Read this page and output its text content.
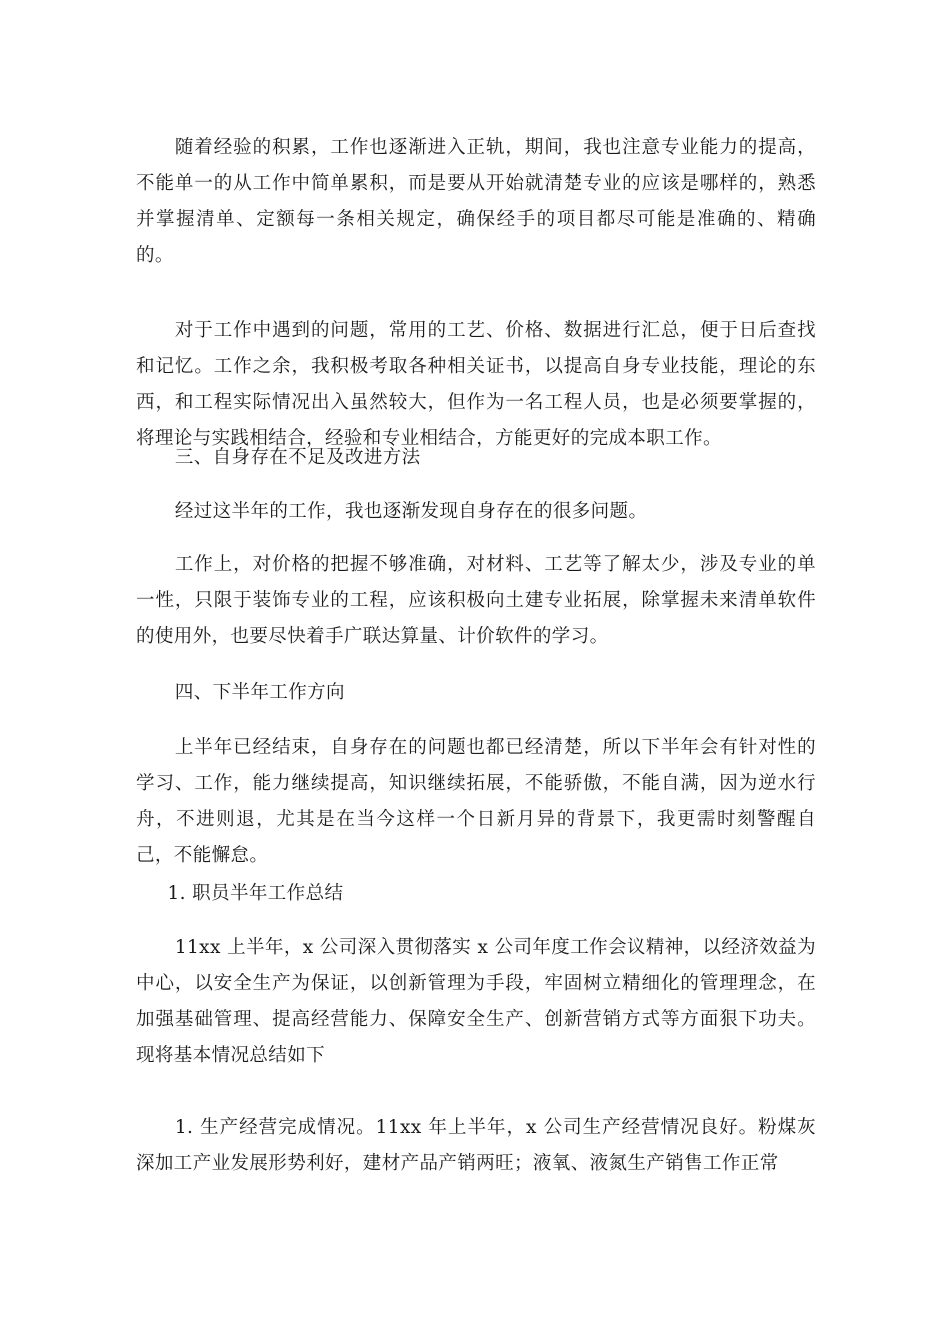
随着经验的积累，工作也逐渐进入正轨，期间，我也注意专业能力的提高，不能单一的从工作中简单累积，而是要从开始就清楚专业的应该是哪样的，熟悉并掌握清单、定额每一条相关规定，确保经手的项目都尽可能是准确的、精确的。

对于工作中遇到的问题，常用的工艺、价格、数据进行汇总，便于日后查找和记忆。工作之余，我积极考取各种相关证书，以提高自身专业技能，理论的东西，和工程实际情况出入虽然较大，但作为一名工程人员，也是必须要掌握的，将理论与实践相结合，经验和专业相结合，方能更好的完成本职工作。

三、自身存在不足及改进方法

经过这半年的工作，我也逐渐发现自身存在的很多问题。

工作上，对价格的把握不够准确，对材料、工艺等了解太少，涉及专业的单一性，只限于装饰专业的工程，应该积极向土建专业拓展，除掌握未来清单软件的使用外，也要尽快着手广联达算量、计价软件的学习。

四、下半年工作方向

上半年已经结束，自身存在的问题也都已经清楚，所以下半年会有针对性的学习、工作，能力继续提高，知识继续拓展，不能骄傲，不能自满，因为逆水行舟，不进则退，尤其是在当今这样一个日新月异的背景下，我更需时刻警醒自己，不能懈怠。

1. 职员半年工作总结

11xx 上半年，x 公司深入贯彻落实 x 公司年度工作会议精神，以经济效益为中心，以安全生产为保证，以创新管理为手段，牢固树立精细化的管理理念，在加强基础管理、提高经营能力、保障安全生产、创新营销方式等方面狠下功夫。现将基本情况总结如下

1. 生产经营完成情况。11xx 年上半年，x 公司生产经营情况良好。粉煤灰深加工产业发展形势利好，建材产品产销两旺；液氧、液氮生产销售工作正常
